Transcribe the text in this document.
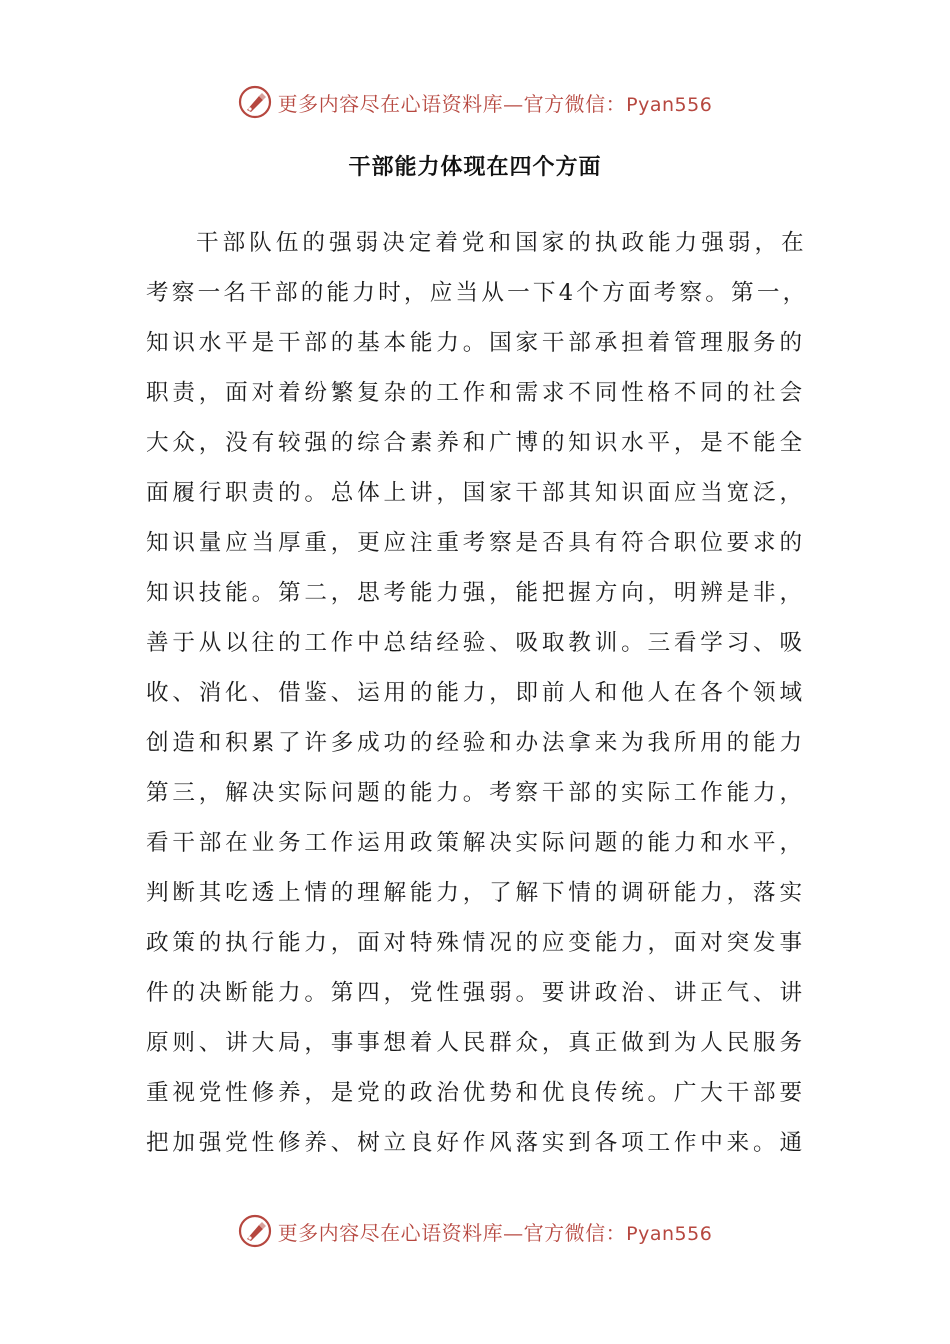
更多内容尽在心语资料库—官方微信：Pyan556
干部能力体现在四个方面
干部队伍的强弱决定着党和国家的执政能力强弱，在
考察一名干部的能力时，应当从一下4个方面考察。第一，
知识水平是干部的基本能力。国家干部承担着管理服务的
职责，面对着纷繁复杂的工作和需求不同性格不同的社会
大众，没有较强的综合素养和广博的知识水平，是不能全
面履行职责的。总体上讲，国家干部其知识面应当宽泛，
知识量应当厚重，更应注重考察是否具有符合职位要求的
知识技能。第二，思考能力强，能把握方向，明辨是非，
善于从以往的工作中总结经验、吸取教训。三看学习、吸
收、消化、借鉴、运用的能力，即前人和他人在各个领域
创造和积累了许多成功的经验和办法拿来为我所用的能力
第三，解决实际问题的能力。考察干部的实际工作能力，
看干部在业务工作运用政策解决实际问题的能力和水平，
判断其吃透上情的理解能力，了解下情的调研能力，落实
政策的执行能力，面对特殊情况的应变能力，面对突发事
件的决断能力。第四，党性强弱。要讲政治、讲正气、讲
原则、讲大局，事事想着人民群众，真正做到为人民服务
重视党性修养，是党的政治优势和优良传统。广大干部要
把加强党性修养、树立良好作风落实到各项工作中来。通
更多内容尽在心语资料库—官方微信：Pyan556
